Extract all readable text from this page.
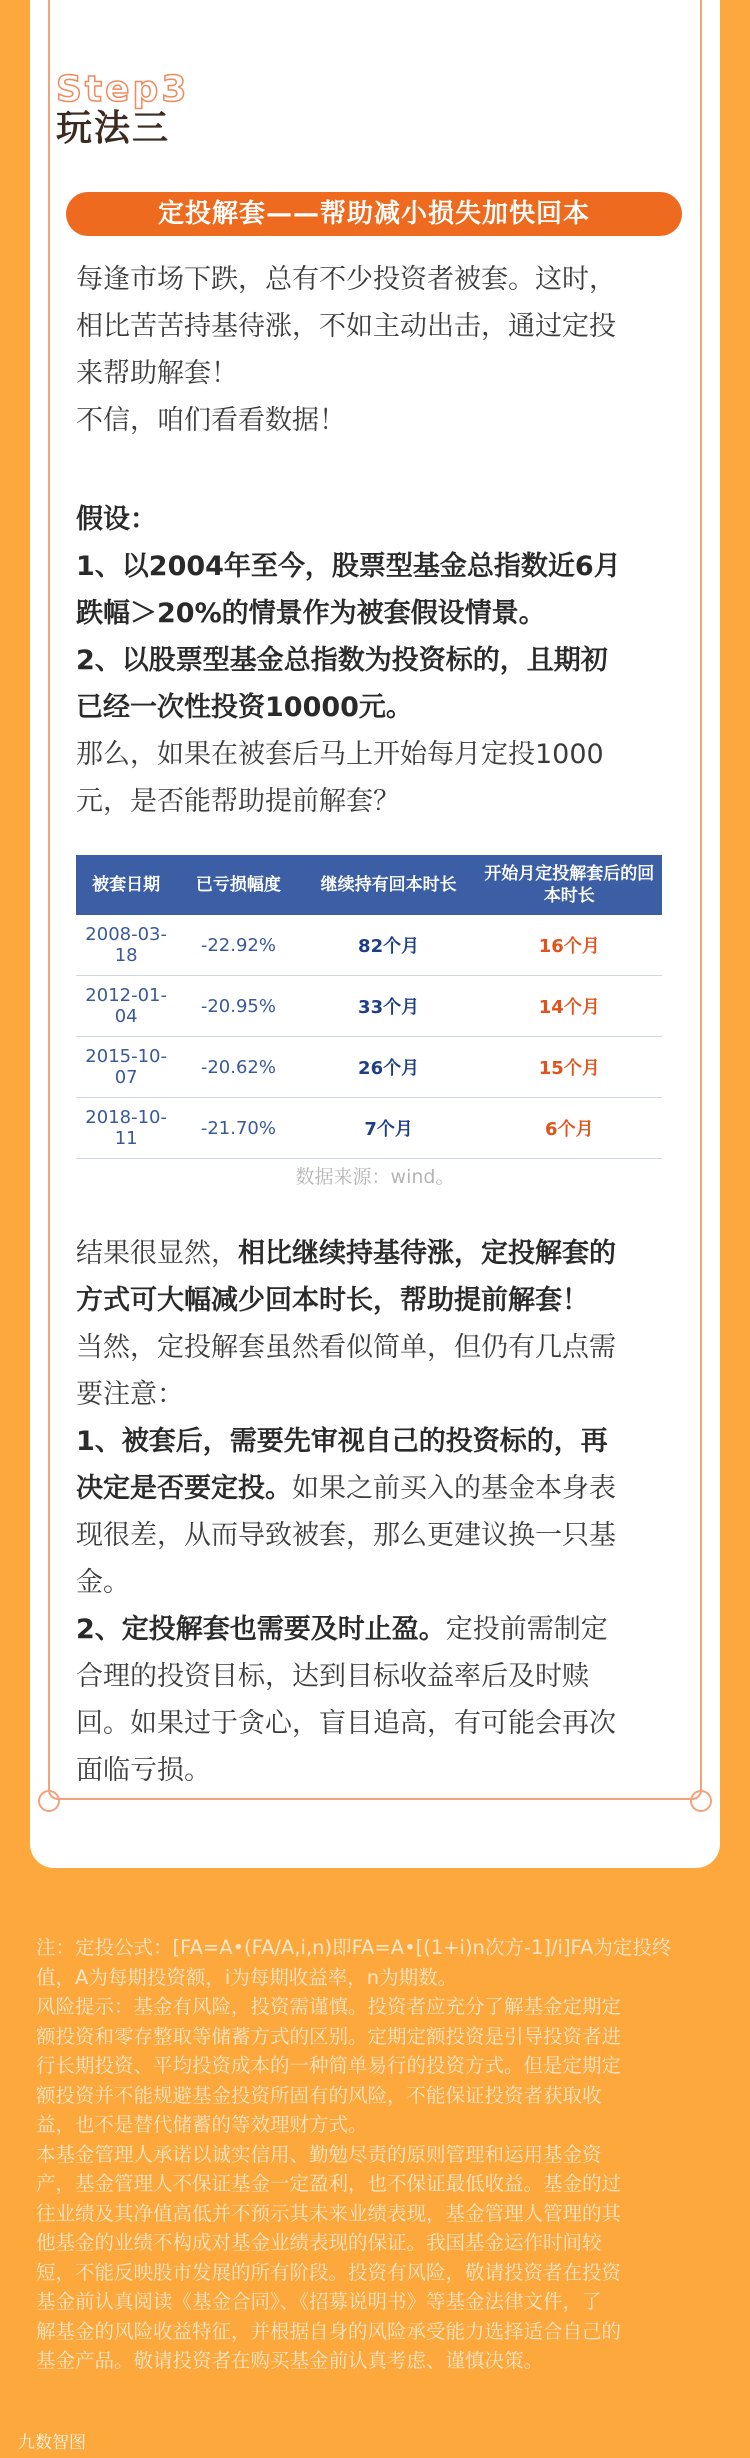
Step3
玩法三
定投解套——帮助减小损失加快回本
每逢市场下跌，总有不少投资者被套。这时，
相比苦苦持基待涨，不如主动出击，通过定投
来帮助解套！
不信，咱们看看数据！
假设：
1、以2004年至今，股票型基金总指数近6月
跌幅＞20%的情景作为被套假设情景。
2、以股票型基金总指数为投资标的，且期初
已经一次性投资10000元。
那么，如果在被套后马上开始每月定投1000
元，是否能帮助提前解套？
被套日期	已亏损幅度	继续持有回本时长	开始月定投解套后的回本时长
2008-03-18	-22.92%	82个月	16个月
2012-01-04	-20.95%	33个月	14个月
2015-10-07	-20.62%	26个月	15个月
2018-10-11	-21.70%	7个月	6个月
数据来源：wind。
结果很显然，相比继续持基待涨，定投解套的
方式可大幅减少回本时长，帮助提前解套！
当然，定投解套虽然看似简单，但仍有几点需
要注意：
1、被套后，需要先审视自己的投资标的，再
决定是否要定投。如果之前买入的基金本身表
现很差，从而导致被套，那么更建议换一只基
金。
2、定投解套也需要及时止盈。定投前需制定
合理的投资目标，达到目标收益率后及时赎
回。如果过于贪心，盲目追高，有可能会再次
面临亏损。
注：定投公式：[FA=A•(FA/A,i,n)即FA=A•[(1+i)n次方-1]/i]FA为定投终
值，A为每期投资额，i为每期收益率，n为期数。
风险提示：基金有风险，投资需谨慎。投资者应充分了解基金定期定
额投资和零存整取等储蓄方式的区别。定期定额投资是引导投资者进
行长期投资、平均投资成本的一种简单易行的投资方式。但是定期定
额投资并不能规避基金投资所固有的风险，不能保证投资者获取收
益，也不是替代储蓄的等效理财方式。
本基金管理人承诺以诚实信用、勤勉尽责的原则管理和运用基金资
产，基金管理人不保证基金一定盈利，也不保证最低收益。基金的过
往业绩及其净值高低并不预示其未来业绩表现，基金管理人管理的其
他基金的业绩不构成对基金业绩表现的保证。我国基金运作时间较
短，不能反映股市发展的所有阶段。投资有风险，敬请投资者在投资
基金前认真阅读《基金合同》、《招募说明书》等基金法律文件，了
解基金的风险收益特征，并根据自身的风险承受能力选择适合自己的
基金产品。敬请投资者在购买基金前认真考虑、谨慎决策。
九数智图
